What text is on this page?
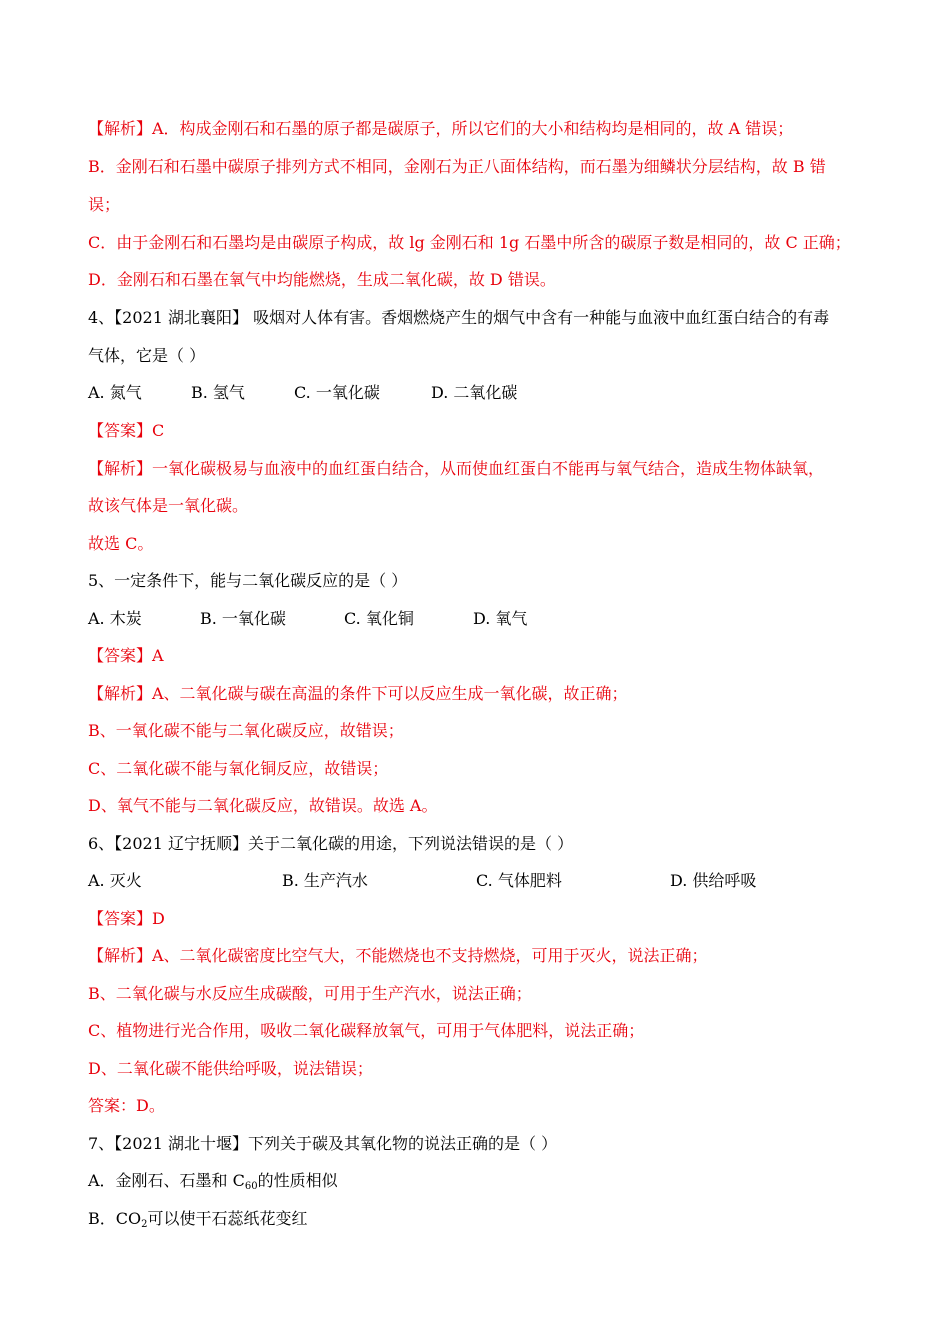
【解析】A．构成金刚石和石墨的原子都是碳原子，所以它们的大小和结构均是相同的，故 A 错误；
B．金刚石和石墨中碳原子排列方式不相同，金刚石为正八面体结构，而石墨为细鳞状分层结构，故 B 错
误；
C．由于金刚石和石墨均是由碳原子构成，故 lg 金刚石和 1g 石墨中所含的碳原子数是相同的，故 C 正确；
D．金刚石和石墨在氧气中均能燃烧，生成二氧化碳，故 D 错误。
4、【2021 湖北襄阳】 吸烟对人体有害。香烟燃烧产生的烟气中含有一种能与血液中血红蛋白结合的有毒
气体，它是（ ）
A. 氮气	B. 氢气	C. 一氧化碳	D. 二氧化碳
【答案】C
【解析】一氧化碳极易与血液中的血红蛋白结合，从而使血红蛋白不能再与氧气结合，造成生物体缺氧，
故该气体是一氧化碳。
故选 C。
5、一定条件下，能与二氧化碳反应的是（ ）
A. 木炭	B. 一氧化碳	C. 氧化铜	D. 氧气
【答案】A
【解析】A、二氧化碳与碳在高温的条件下可以反应生成一氧化碳，故正确；
B、一氧化碳不能与二氧化碳反应，故错误；
C、二氧化碳不能与氧化铜反应，故错误；
D、氧气不能与二氧化碳反应，故错误。故选 A。
6、【2021 辽宁抚顺】关于二氧化碳的用途，下列说法错误的是（ ）
A. 灭火	B. 生产汽水	C. 气体肥料	D. 供给呼吸
【答案】D
【解析】A、二氧化碳密度比空气大，不能燃烧也不支持燃烧，可用于灭火，说法正确；
B、二氧化碳与水反应生成碳酸，可用于生产汽水，说法正确；
C、植物进行光合作用，吸收二氧化碳释放氧气，可用于气体肥料，说法正确；
D、二氧化碳不能供给呼吸，说法错误；
答案：D。
7、【2021 湖北十堰】下列关于碳及其氧化物的说法正确的是（ ）
A．金刚石、石墨和 $C_{60}$的性质相似
B．$CO_2$可以使干石蕊纸花变红
